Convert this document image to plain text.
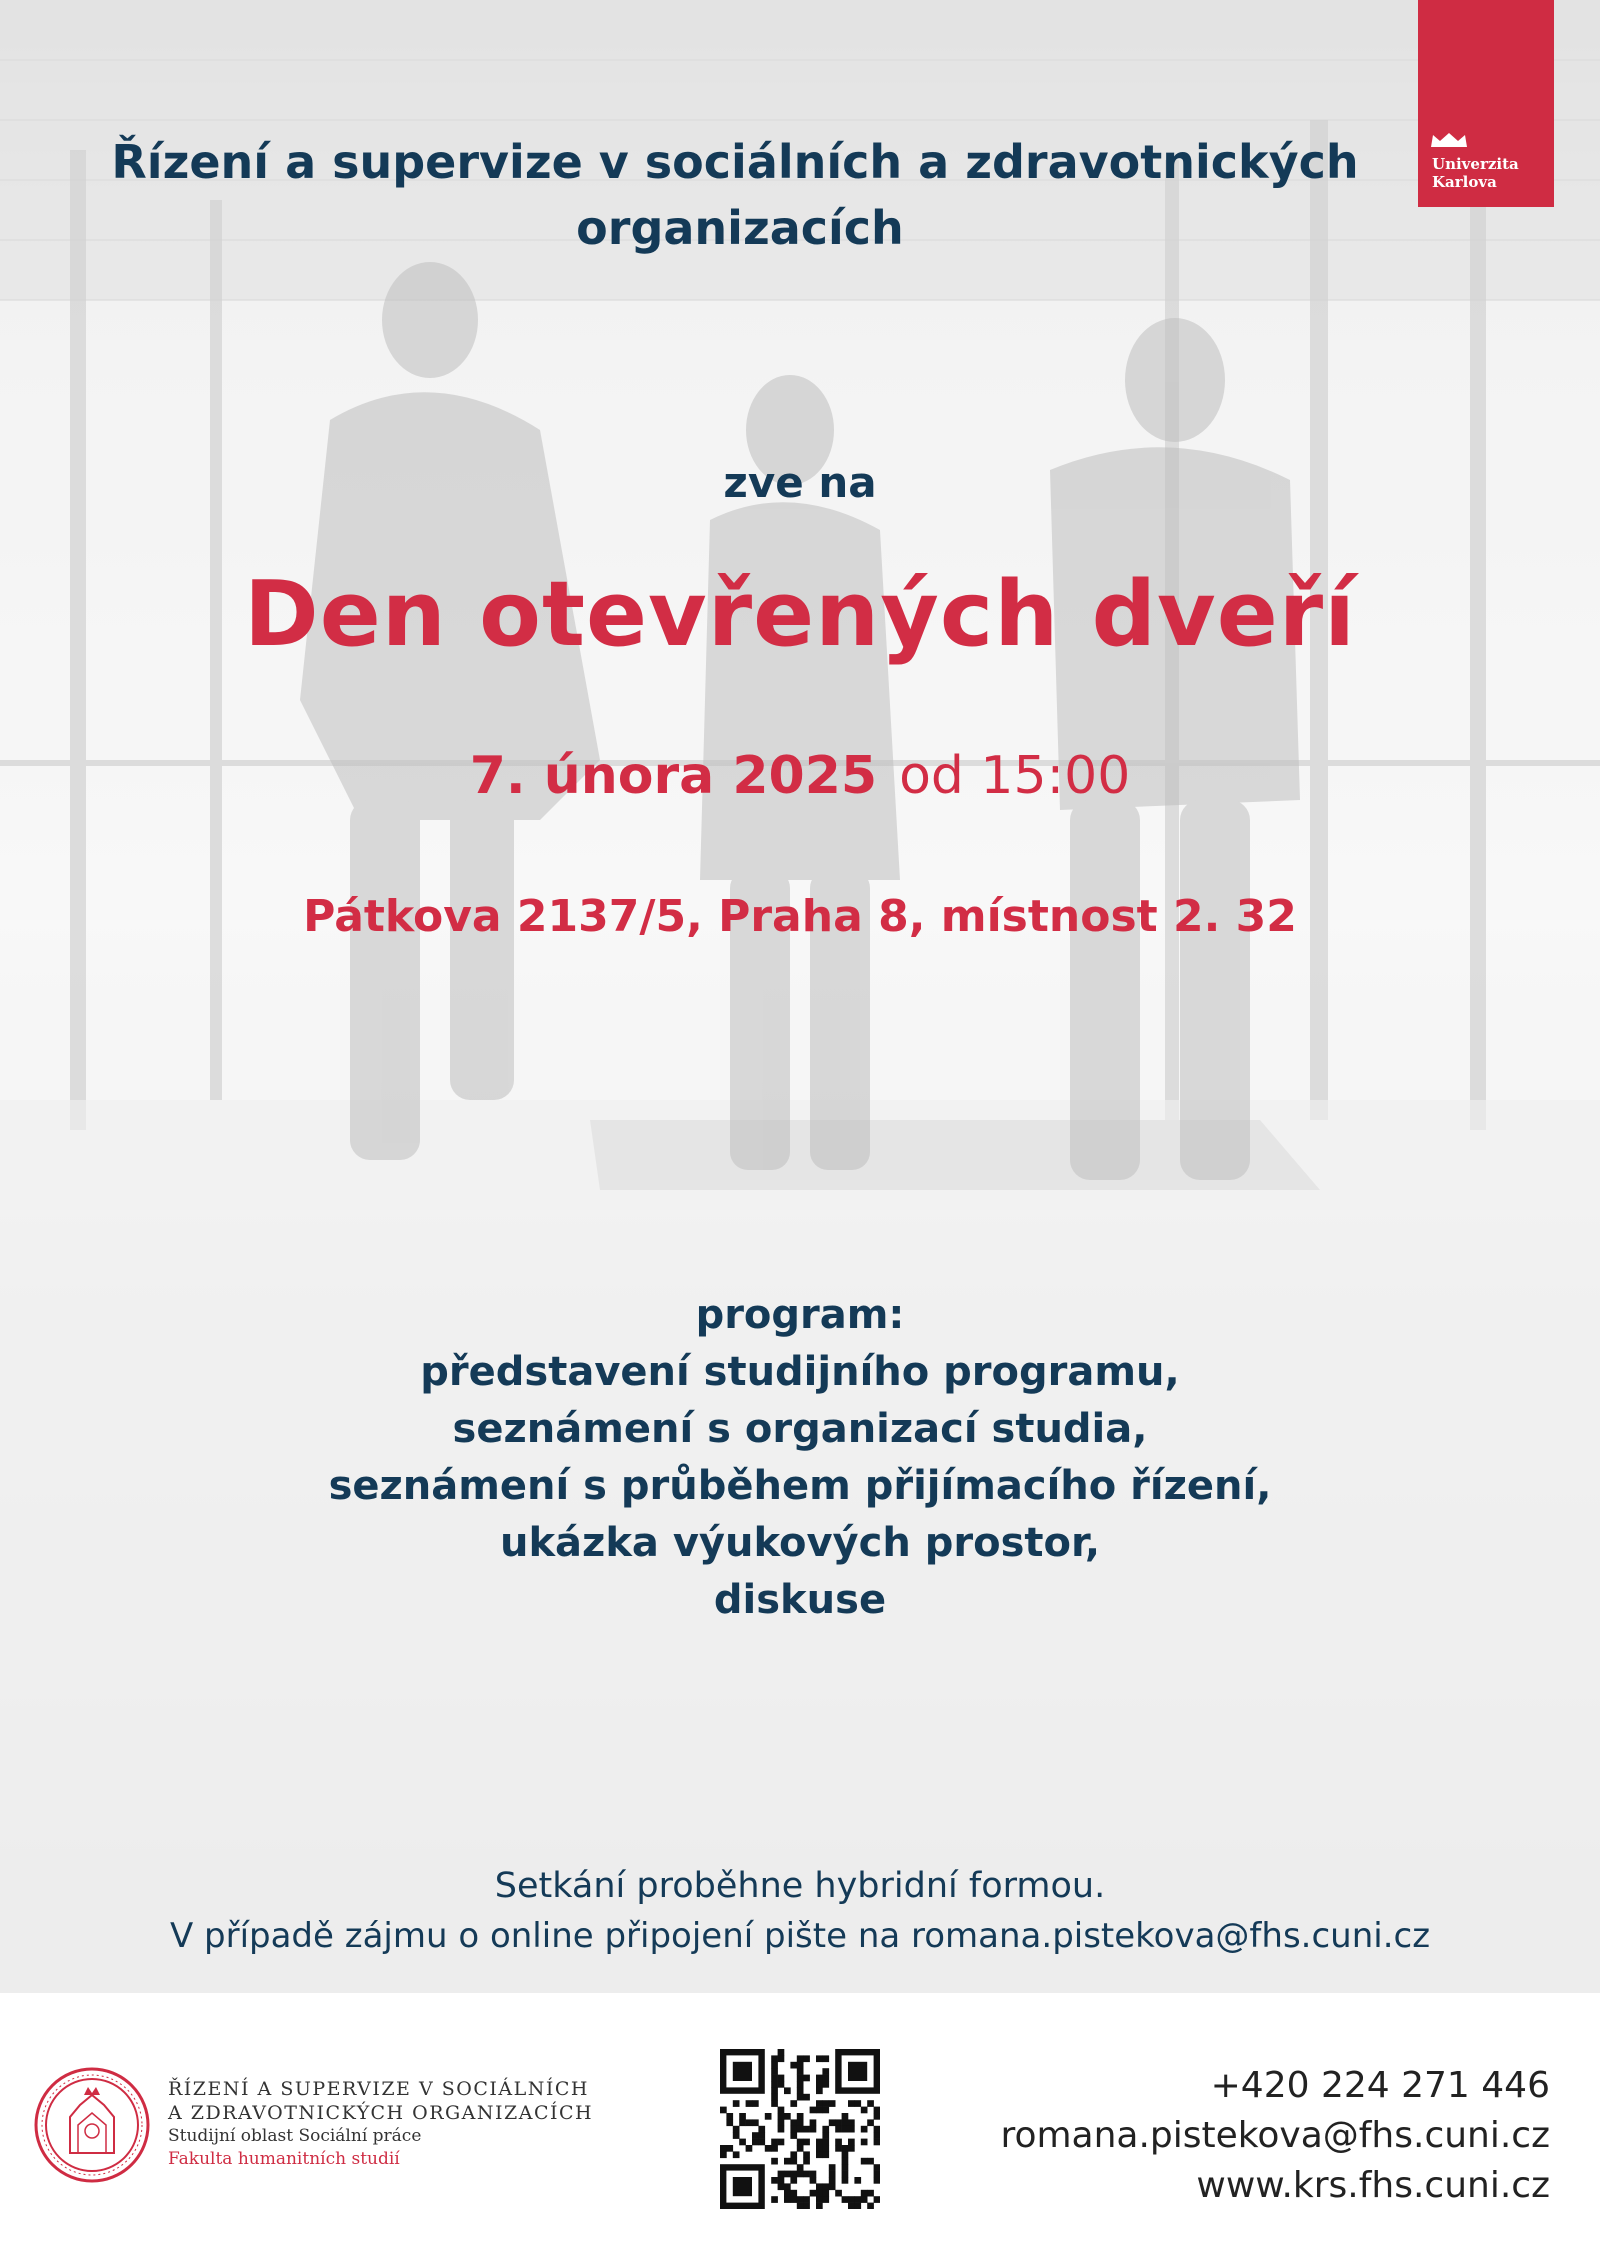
Řízení a supervize v sociálních a zdravotnických
organizacích
Univerzita
Karlova

zve na

Den otevřených dveří

7. února 2025 od 15:00

Pátkova 2137/5, Praha 8, místnost 2. 32

program:
představení studijního programu,
seznámení s organizací studia,
seznámení s průběhem přijímacího řízení,
ukázka výukových prostor,
diskuse
Setkání proběhne hybridní formou.
V případě zájmu o online připojení pište na romana.pistekova@fhs.cuni.cz
ŘÍZENÍ A SUPERVIZE V SOCIÁLNÍCH
A ZDRAVOTNICKÝCH ORGANIZACÍCH
Studijní oblast Sociální práce
Fakulta humanitních studií
+420 224 271 446
romana.pistekova@fhs.cuni.cz
www.krs.fhs.cuni.cz
